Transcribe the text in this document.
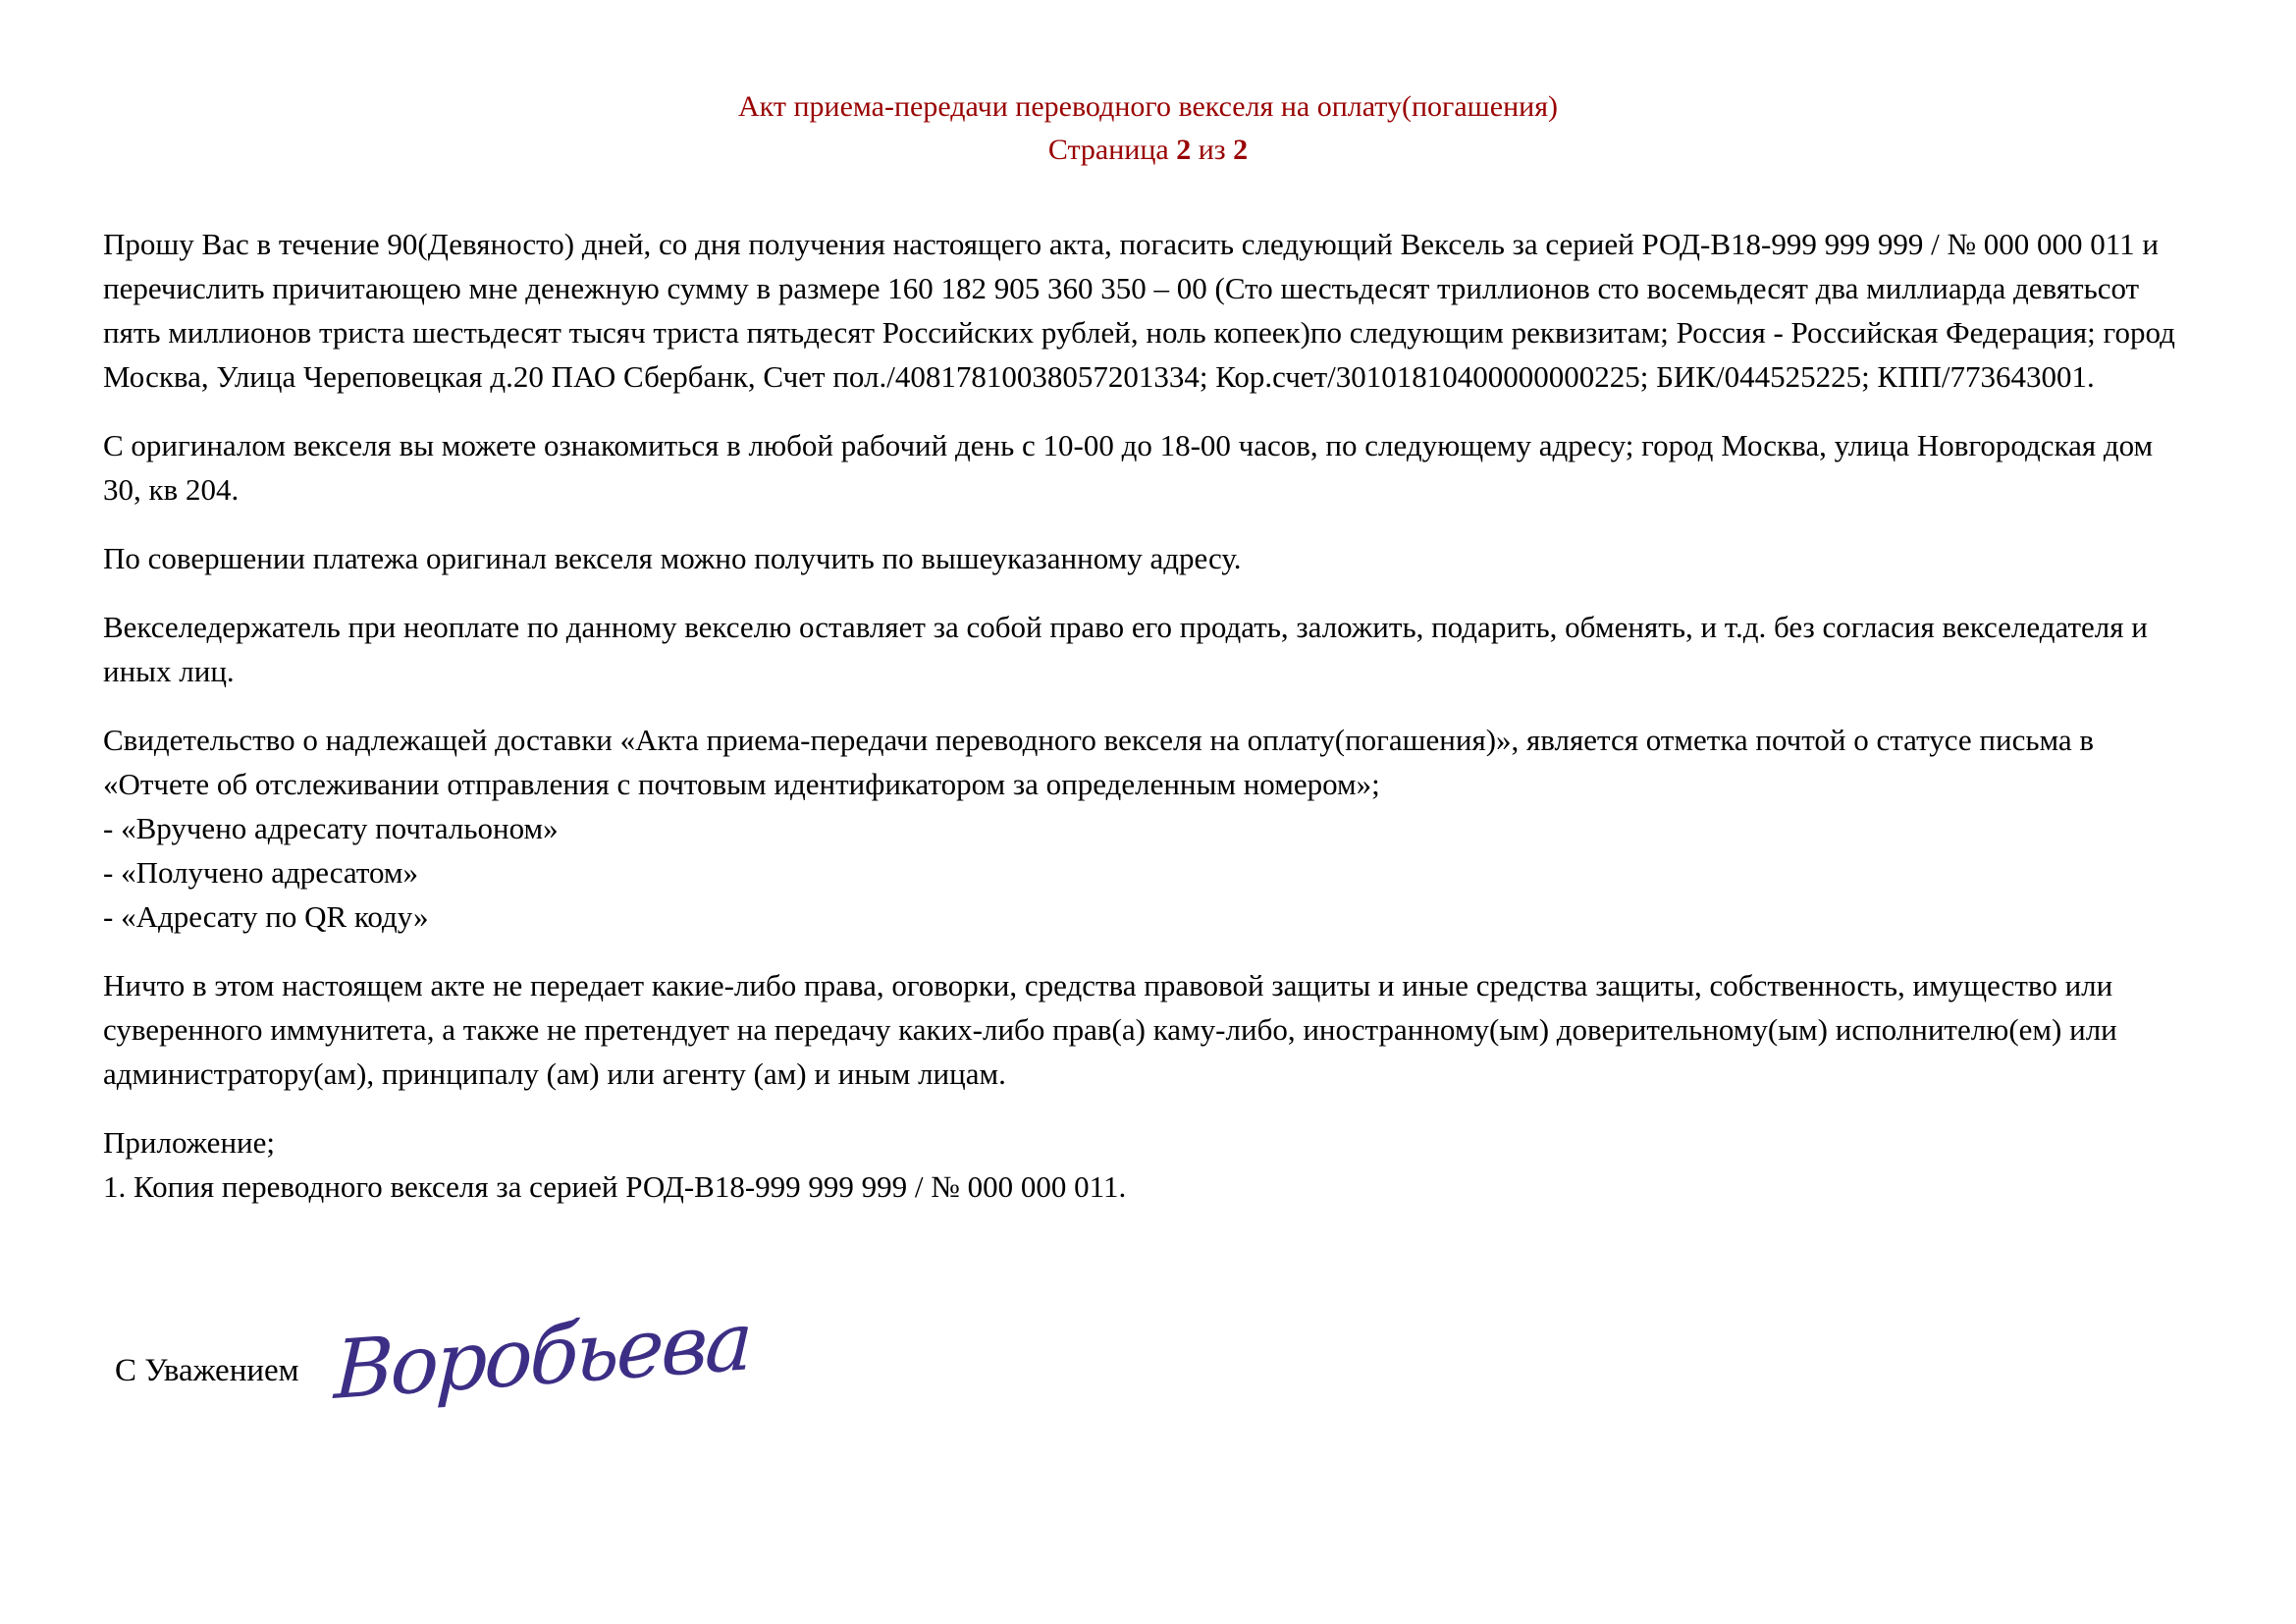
Акт приема-передачи переводного векселя на оплату(погашения)
Страница 2 из 2
Прошу Вас в течение 90(Девяносто) дней, со дня получения настоящего акта, погасить следующий Вексель за серией РОД-В18-999 999 999 / № 000 000 011 и перечислить причитающею мне денежную сумму в размере 160 182 905 360 350 – 00 (Сто шестьдесят триллионов сто восемьдесят два миллиарда девятьсот пять миллионов триста шестьдесят тысяч триста пятьдесят Российских рублей, ноль копеек)по следующим реквизитам; Россия - Российская Федерация; город Москва, Улица Череповецкая д.20 ПАО Сбербанк, Счет пол./40817810038057201334; Кор.счет/30101810400000000225; БИК/044525225; КПП/773643001.
С оригиналом векселя вы можете ознакомиться в любой рабочий день с 10-00 до 18-00 часов, по следующему адресу; город Москва, улица Новгородская дом 30, кв 204.
По совершении платежа оригинал векселя можно получить по вышеуказанному адресу.
Векселедержатель при неоплате по данному векселю оставляет за собой право его продать, заложить, подарить, обменять, и т.д. без согласия векселедателя и иных лиц.
Свидетельство о надлежащей доставки «Акта приема-передачи переводного векселя на оплату(погашения)», является отметка почтой о статусе письма в «Отчете об отслеживании отправления с почтовым идентификатором за определенным номером»;
- «Вручено адресату почтальоном»
- «Получено адресатом»
- «Адресату по QR коду»
Ничто в этом настоящем акте не передает какие-либо права, оговорки, средства правовой защиты и иные средства защиты, собственность, имущество или суверенного иммунитета, а также не претендует на передачу каких-либо прав(а) каму-либо, иностранному(ым) доверительному(ым) исполнителю(ем) или администратору(ам), принципалу (ам) или агенту (ам) и иным лицам.
Приложение;
1. Копия переводного векселя за серией РОД-В18-999 999 999 / № 000 000 011.
С Уважением Воробьева
